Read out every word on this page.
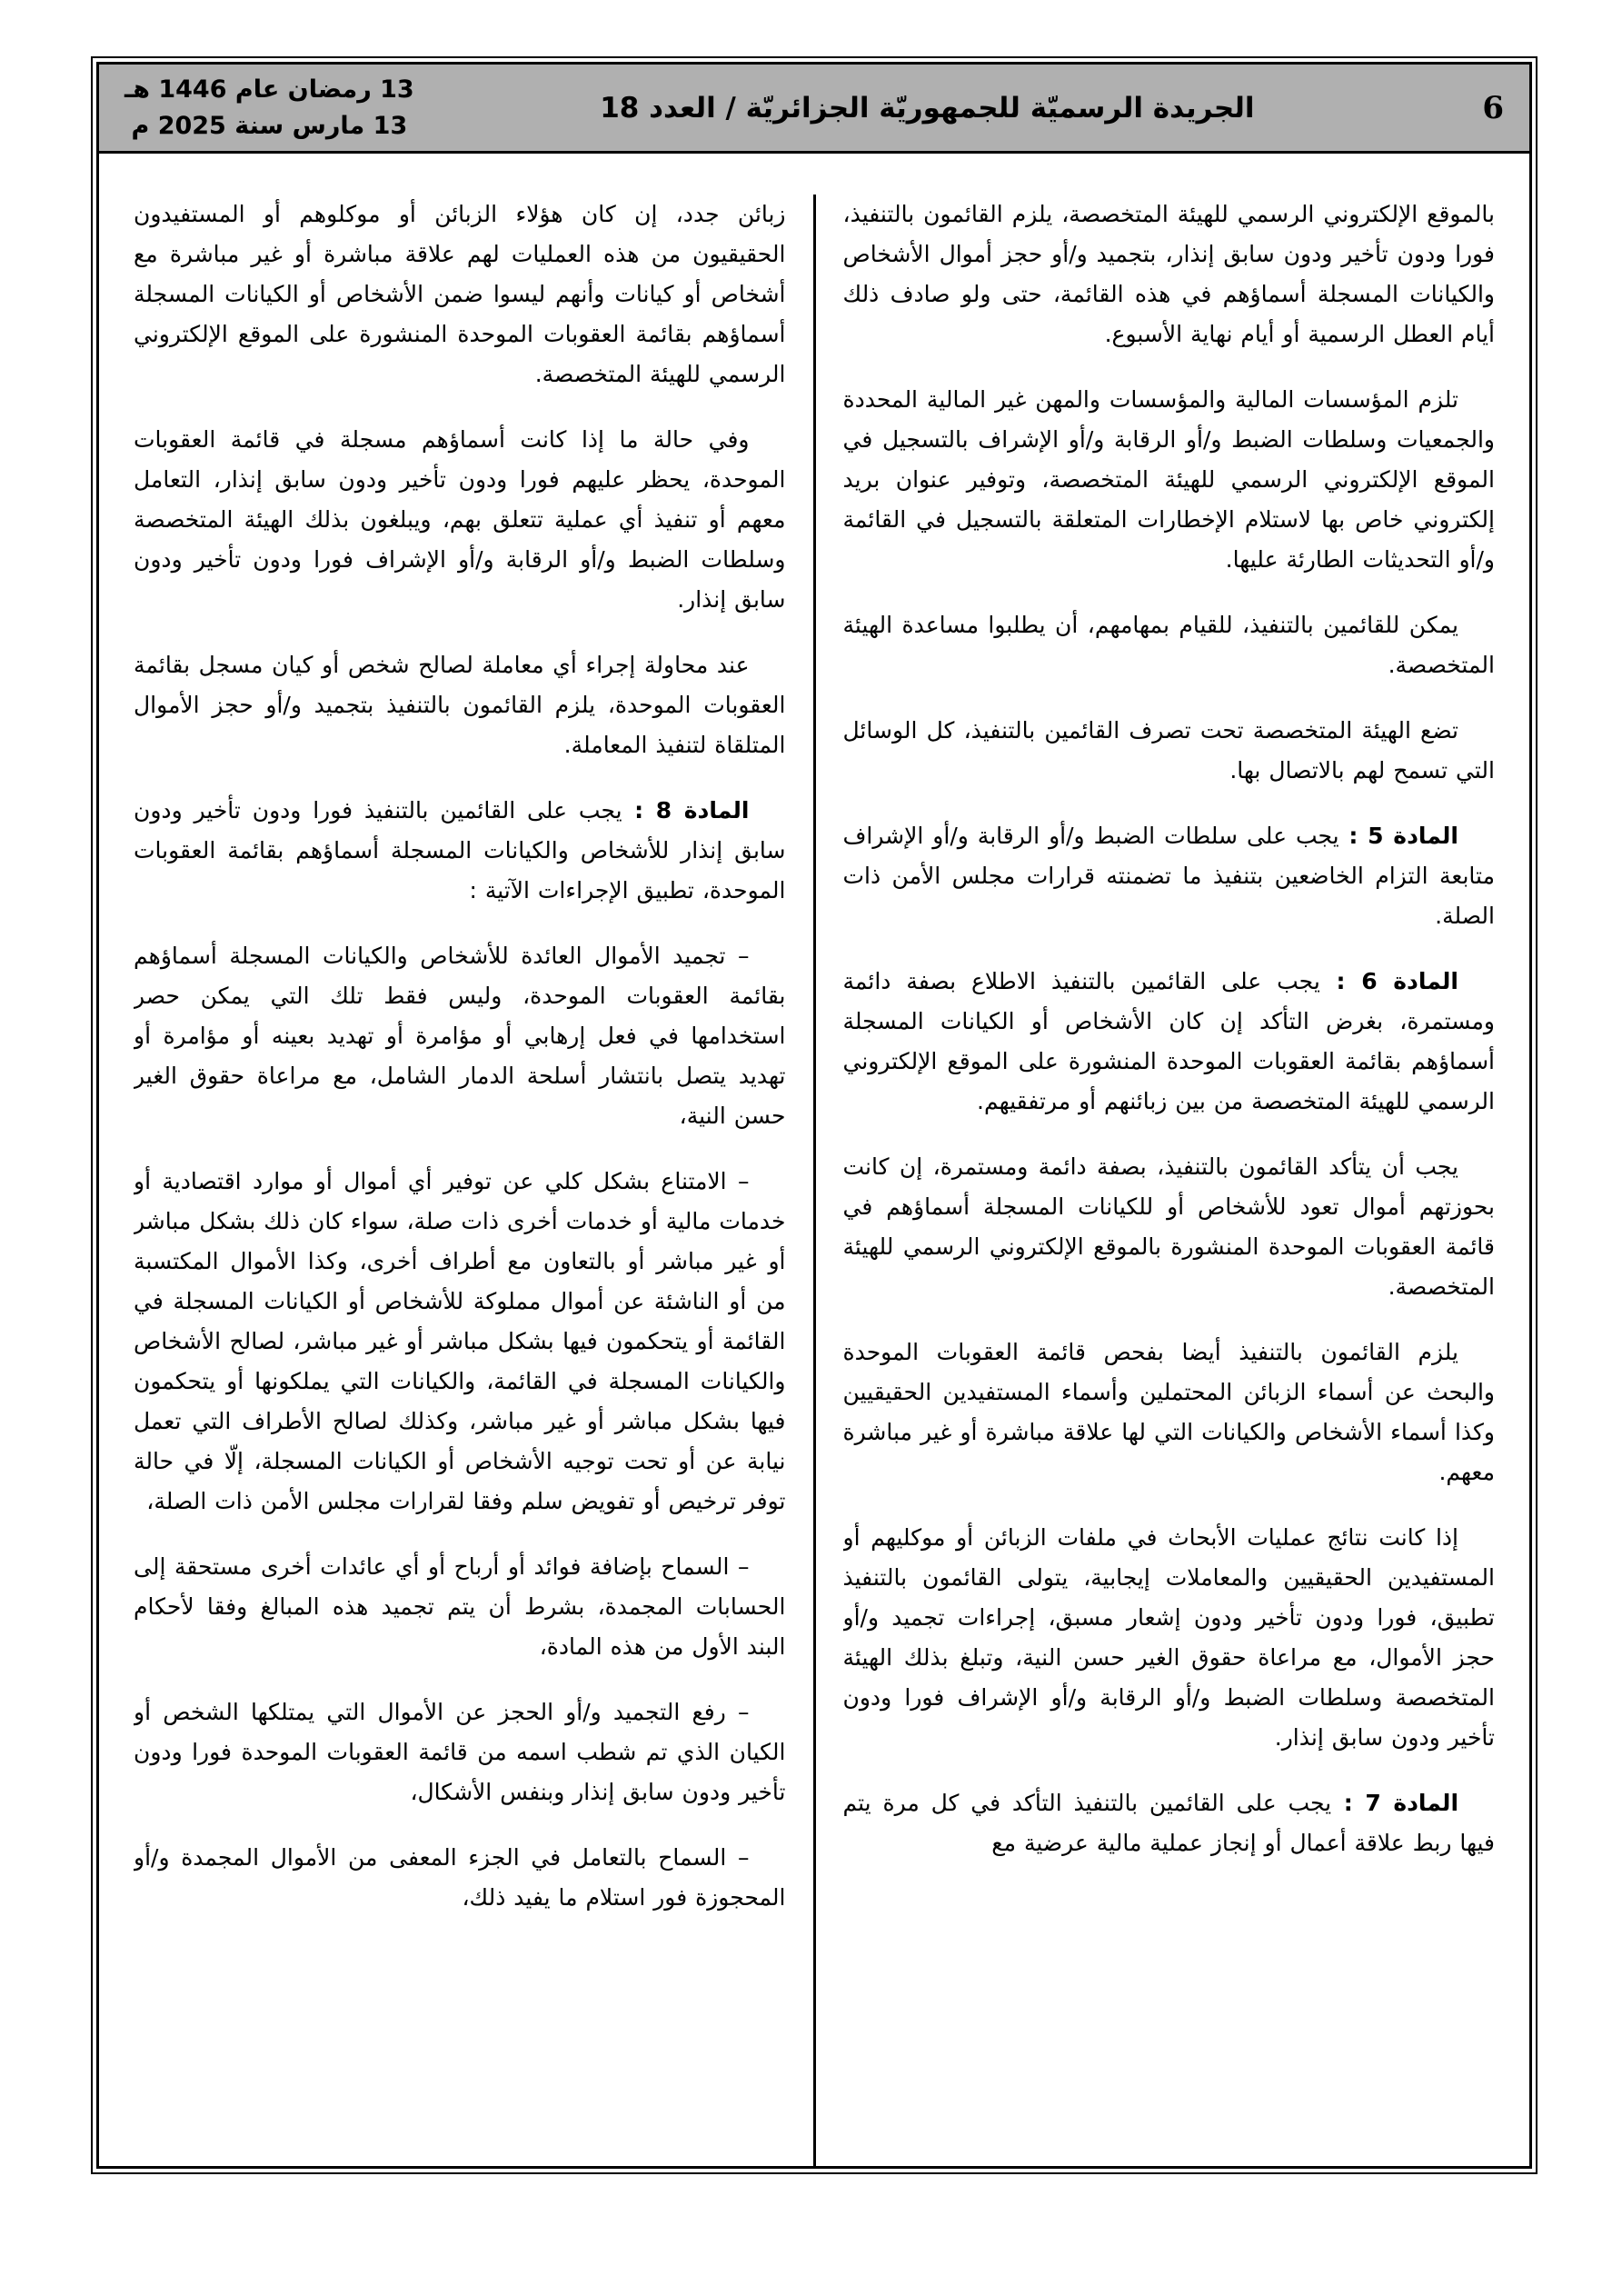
6
الجريدة الرسميّة للجمهوريّة الجزائريّة / العدد 18
13 رمضان عام 1446 هـ
13 مارس سنة 2025 م

بالموقع الإلكتروني الرسمي للهيئة المتخصصة، يلزم القائمون بالتنفيذ، فورا ودون تأخير ودون سابق إنذار، بتجميد و/أو حجز أموال الأشخاص والكيانات المسجلة أسماؤهم في هذه القائمة، حتى ولو صادف ذلك أيام العطل الرسمية أو أيام نهاية الأسبوع.

تلزم المؤسسات المالية والمؤسسات والمهن غير المالية المحددة والجمعيات وسلطات الضبط و/أو الرقابة و/أو الإشراف بالتسجيل في الموقع الإلكتروني الرسمي للهيئة المتخصصة، وتوفير عنوان بريد إلكتروني خاص بها لاستلام الإخطارات المتعلقة بالتسجيل في القائمة و/أو التحديثات الطارئة عليها.

يمكن للقائمين بالتنفيذ، للقيام بمهامهم، أن يطلبوا مساعدة الهيئة المتخصصة.

تضع الهيئة المتخصصة تحت تصرف القائمين بالتنفيذ، كل الوسائل التي تسمح لهم بالاتصال بها.

المادة 5 : يجب على سلطات الضبط و/أو الرقابة و/أو الإشراف متابعة التزام الخاضعين بتنفيذ ما تضمنته قرارات مجلس الأمن ذات الصلة.

المادة 6 : يجب على القائمين بالتنفيذ الاطلاع بصفة دائمة ومستمرة، بغرض التأكد إن كان الأشخاص أو الكيانات المسجلة أسماؤهم بقائمة العقوبات الموحدة المنشورة على الموقع الإلكتروني الرسمي للهيئة المتخصصة من بين زبائنهم أو مرتفقيهم.

يجب أن يتأكد القائمون بالتنفيذ، بصفة دائمة ومستمرة، إن كانت بحوزتهم أموال تعود للأشخاص أو للكيانات المسجلة أسماؤهم في قائمة العقوبات الموحدة المنشورة بالموقع الإلكتروني الرسمي للهيئة المتخصصة.

يلزم القائمون بالتنفيذ أيضا بفحص قائمة العقوبات الموحدة والبحث عن أسماء الزبائن المحتملين وأسماء المستفيدين الحقيقيين وكذا أسماء الأشخاص والكيانات التي لها علاقة مباشرة أو غير مباشرة معهم.

إذا كانت نتائج عمليات الأبحاث في ملفات الزبائن أو موكليهم أو المستفيدين الحقيقيين والمعاملات إيجابية، يتولى القائمون بالتنفيذ تطبيق، فورا ودون تأخير ودون إشعار مسبق، إجراءات تجميد و/أو حجز الأموال، مع مراعاة حقوق الغير حسن النية، وتبلغ بذلك الهيئة المتخصصة وسلطات الضبط و/أو الرقابة و/أو الإشراف فورا ودون تأخير ودون سابق إنذار.

المادة 7 : يجب على القائمين بالتنفيذ التأكد في كل مرة يتم فيها ربط علاقة أعمال أو إنجاز عملية مالية عرضية مع

زبائن جدد، إن كان هؤلاء الزبائن أو موكلوهم أو المستفيدون الحقيقيون من هذه العمليات لهم علاقة مباشرة أو غير مباشرة مع أشخاص أو كيانات وأنهم ليسوا ضمن الأشخاص أو الكيانات المسجلة أسماؤهم بقائمة العقوبات الموحدة المنشورة على الموقع الإلكتروني الرسمي للهيئة المتخصصة.

وفي حالة ما إذا كانت أسماؤهم مسجلة في قائمة العقوبات الموحدة، يحظر عليهم فورا ودون تأخير ودون سابق إنذار، التعامل معهم أو تنفيذ أي عملية تتعلق بهم، ويبلغون بذلك الهيئة المتخصصة وسلطات الضبط و/أو الرقابة و/أو الإشراف فورا ودون تأخير ودون سابق إنذار.

عند محاولة إجراء أي معاملة لصالح شخص أو كيان مسجل بقائمة العقوبات الموحدة، يلزم القائمون بالتنفيذ بتجميد و/أو حجز الأموال المتلقاة لتنفيذ المعاملة.

المادة 8 : يجب على القائمين بالتنفيذ فورا ودون تأخير ودون سابق إنذار للأشخاص والكيانات المسجلة أسماؤهم بقائمة العقوبات الموحدة، تطبيق الإجراءات الآتية :

– تجميد الأموال العائدة للأشخاص والكيانات المسجلة أسماؤهم بقائمة العقوبات الموحدة، وليس فقط تلك التي يمكن حصر استخدامها في فعل إرهابي أو مؤامرة أو تهديد بعينه أو مؤامرة أو تهديد يتصل بانتشار أسلحة الدمار الشامل، مع مراعاة حقوق الغير حسن النية،

– الامتناع بشكل كلي عن توفير أي أموال أو موارد اقتصادية أو خدمات مالية أو خدمات أخرى ذات صلة، سواء كان ذلك بشكل مباشر أو غير مباشر أو بالتعاون مع أطراف أخرى، وكذا الأموال المكتسبة من أو الناشئة عن أموال مملوكة للأشخاص أو الكيانات المسجلة في القائمة أو يتحكمون فيها بشكل مباشر أو غير مباشر، لصالح الأشخاص والكيانات المسجلة في القائمة، والكيانات التي يملكونها أو يتحكمون فيها بشكل مباشر أو غير مباشر، وكذلك لصالح الأطراف التي تعمل نيابة عن أو تحت توجيه الأشخاص أو الكيانات المسجلة، إلّا في حالة توفر ترخيص أو تفويض سلم وفقا لقرارات مجلس الأمن ذات الصلة،

– السماح بإضافة فوائد أو أرباح أو أي عائدات أخرى مستحقة إلى الحسابات المجمدة، بشرط أن يتم تجميد هذه المبالغ وفقا لأحكام البند الأول من هذه المادة،

– رفع التجميد و/أو الحجز عن الأموال التي يمتلكها الشخص أو الكيان الذي تم شطب اسمه من قائمة العقوبات الموحدة فورا ودون تأخير ودون سابق إنذار وبنفس الأشكال،

– السماح بالتعامل في الجزء المعفى من الأموال المجمدة و/أو المحجوزة فور استلام ما يفيد ذلك،
